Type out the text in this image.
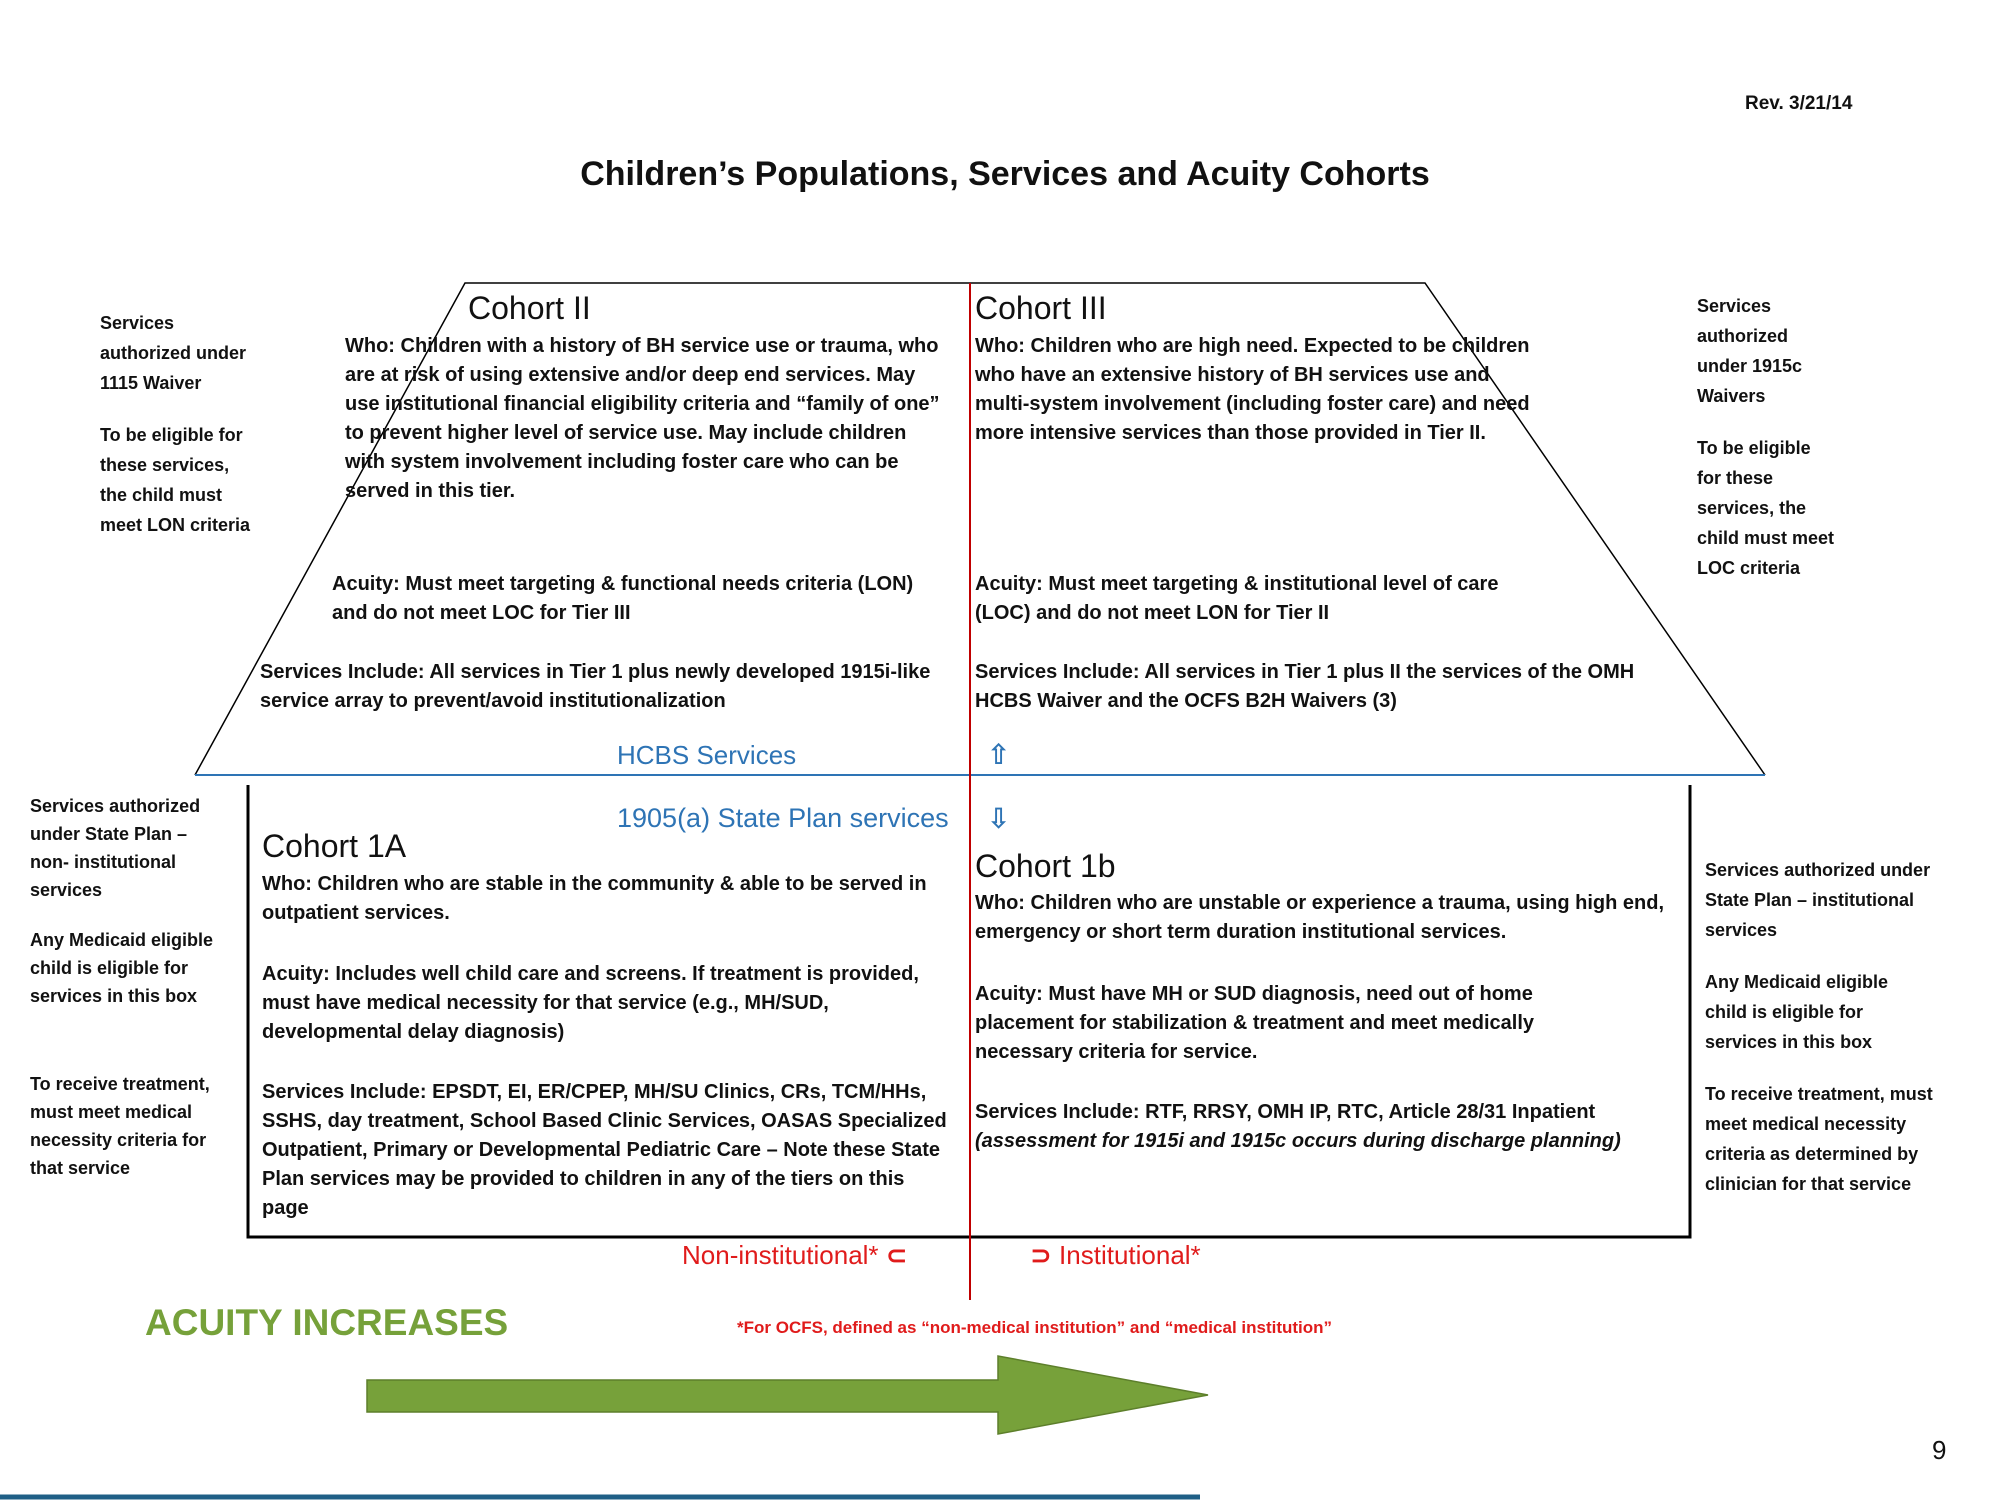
Rev. 3/21/14
Children’s Populations, Services and Acuity Cohorts

Services authorized under 1115 Waiver

To be eligible for these services, the child must meet LON criteria

Services authorized under State Plan – non- institutional services

Any Medicaid eligible child is eligible for services in this box

To receive treatment, must meet medical necessity criteria for that service

Services authorized under 1915c Waivers

To be eligible for these services, the child must meet LOC criteria

Services authorized under State Plan – institutional services

Any Medicaid eligible child is eligible for services in this box

To receive treatment, must meet medical necessity criteria as determined by clinician for that service

Cohort II

Who: Children with a history of BH service use or trauma, who are at risk of using extensive and/or deep end services. May use institutional financial eligibility criteria and “family of one” to prevent higher level of service use. May include children with system involvement including foster care who can be served in this tier.

Acuity: Must meet targeting & functional needs criteria (LON) and do not meet LOC for Tier III

Services Include: All services in Tier 1 plus newly developed 1915i-like service array to prevent/avoid institutionalization

Cohort III

Who: Children who are high need. Expected to be children who have an extensive history of BH services use and multi-system involvement (including foster care) and need more intensive services than those provided in Tier II.

Acuity: Must meet targeting & institutional level of care (LOC) and do not meet LON for Tier II

Services Include: All services in Tier 1 plus II the services of the OMH HCBS Waiver and the OCFS B2H Waivers (3)

HCBS Services	⇧
1905(a) State Plan services ⇩
Cohort 1A

Who: Children who are stable in the community & able to be served in outpatient services.

Acuity: Includes well child care and screens. If treatment is provided, must have medical necessity for that service (e.g., MH/SUD, developmental delay diagnosis)

Services Include: EPSDT, EI, ER/CPEP, MH/SU Clinics, CRs, TCM/HHs, SSHS, day treatment, School Based Clinic Services, OASAS Specialized Outpatient, Primary or Developmental Pediatric Care – Note these State Plan services may be provided to children in any of the tiers on this page

Cohort 1b

Who: Children who are unstable or experience a trauma, using high end, emergency or short term duration institutional services.

Acuity: Must have MH or SUD diagnosis, need out of home placement for stabilization & treatment and meet medically necessary criteria for service.

Services Include: RTF, RRSY, OMH IP, RTC, Article 28/31 Inpatient

(assessment for 1915i and 1915c occurs during discharge planning)

Non-institutional* ⊂	⊃ Institutional*
ACUITY INCREASES	*For OCFS, defined as “non-medical institution” and “medical institution”
9
